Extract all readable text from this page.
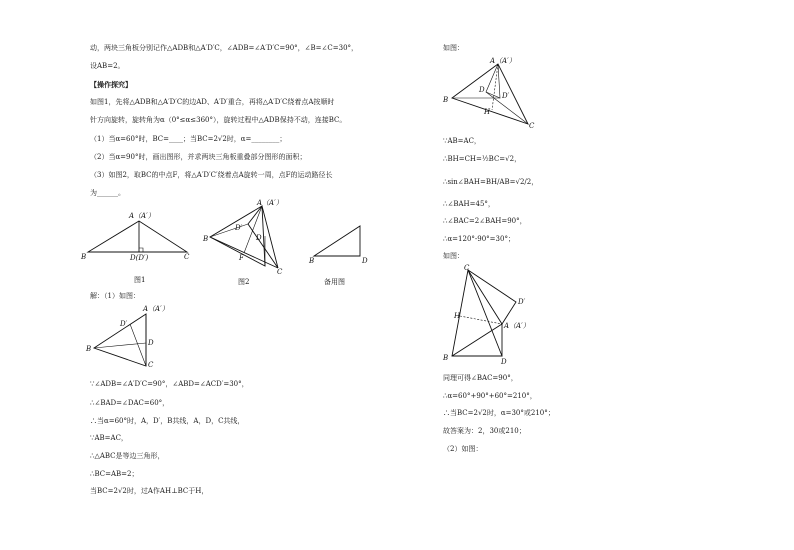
动，两块三角板分别记作△ADB和△A′D′C，∠ADB=∠A′D′C=90°，∠B=∠C=30°，
设AB=2。
【操作探究】
如图1，先将△ADB和△A′D′C的边AD、A′D′重合，再将△A′D′C绕着点A按顺时
针方向旋转，旋转角为α（0°≤α≤360°），旋转过程中△ADB保持不动，连接BC。
（1）当α=60°时，BC=____；当BC=2√2时，α=________；
（2）当α=90°时，画出图形，并求两块三角板重叠部分图形的面积；
（3）如图2，取BC的中点F，将△A′D′C′绕着点A旋转一周，点F的运动路径长
为______。
A（A′）
B	C
D(D′)
图1
A（A′）
B
D′
D
F
C
图2
B	D
备用图
解：（1）如图：
A（A′）
D′
B
D
C
∵∠ADB=∠A′D′C=90°，∠ABD=∠ACD′=30°，
∴∠BAD=∠DAC=60°，
∴当α=60°时，A，D′，B共线，A，D，C共线，
∵AB=AC，
∴△ABC是等边三角形，
∴BC=AB=2；
当BC=2√2时，过A作AH⊥BC于H，
如图：
A（A′）
B
D
D′
H
C
∵AB=AC，
∴BH=CH=½BC=√2，
∴sin∠BAH=BH/AB=√2/2，
∴∠BAH=45°，
∴∠BAC=2∠BAH=90°，
∴α=120°-90°=30°；
如图：
C
D′
H
A（A′）
B	D
同理可得∠BAC=90°，
∴α=60°+90°+60°=210°，
∴当BC=2√2时，α=30°或210°；
故答案为：2，30或210；
（2）如图：
